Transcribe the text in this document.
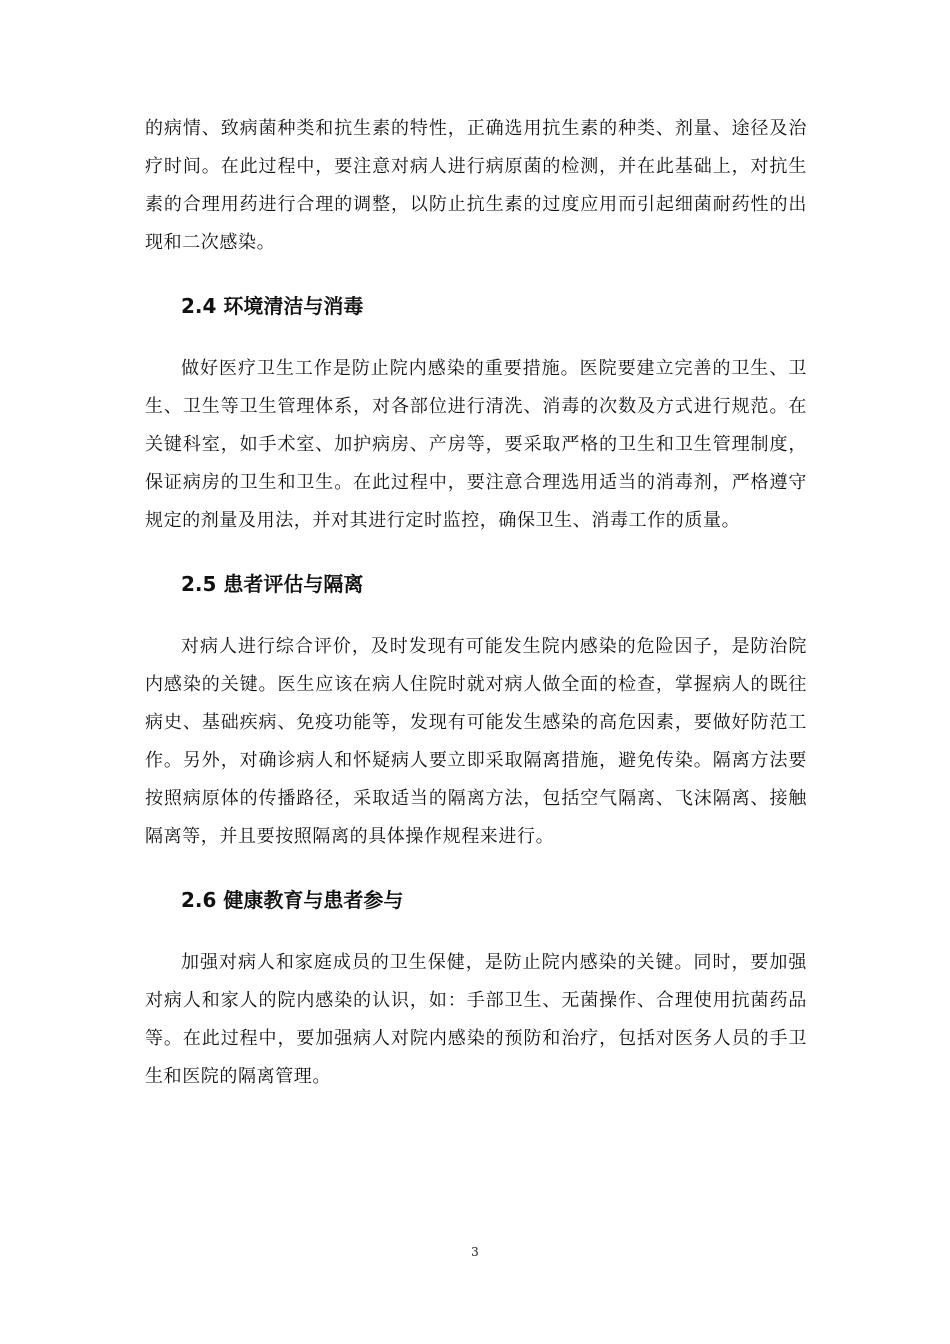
的病情、致病菌种类和抗生素的特性，正确选用抗生素的种类、剂量、途径及治疗时间。在此过程中，要注意对病人进行病原菌的检测，并在此基础上，对抗生素的合理用药进行合理的调整，以防止抗生素的过度应用而引起细菌耐药性的出现和二次感染。

2.4 环境清洁与消毒

做好医疗卫生工作是防止院内感染的重要措施。医院要建立完善的卫生、卫生、卫生等卫生管理体系，对各部位进行清洗、消毒的次数及方式进行规范。在关键科室，如手术室、加护病房、产房等，要采取严格的卫生和卫生管理制度，保证病房的卫生和卫生。在此过程中，要注意合理选用适当的消毒剂，严格遵守规定的剂量及用法，并对其进行定时监控，确保卫生、消毒工作的质量。

2.5 患者评估与隔离

对病人进行综合评价，及时发现有可能发生院内感染的危险因子，是防治院内感染的关键。医生应该在病人住院时就对病人做全面的检查，掌握病人的既往病史、基础疾病、免疫功能等，发现有可能发生感染的高危因素，要做好防范工作。另外，对确诊病人和怀疑病人要立即采取隔离措施，避免传染。隔离方法要按照病原体的传播路径，采取适当的隔离方法，包括空气隔离、飞沫隔离、接触隔离等，并且要按照隔离的具体操作规程来进行。

2.6 健康教育与患者参与

加强对病人和家庭成员的卫生保健，是防止院内感染的关键。同时，要加强对病人和家人的院内感染的认识，如：手部卫生、无菌操作、合理使用抗菌药品等。在此过程中，要加强病人对院内感染的预防和治疗，包括对医务人员的手卫生和医院的隔离管理。

3
